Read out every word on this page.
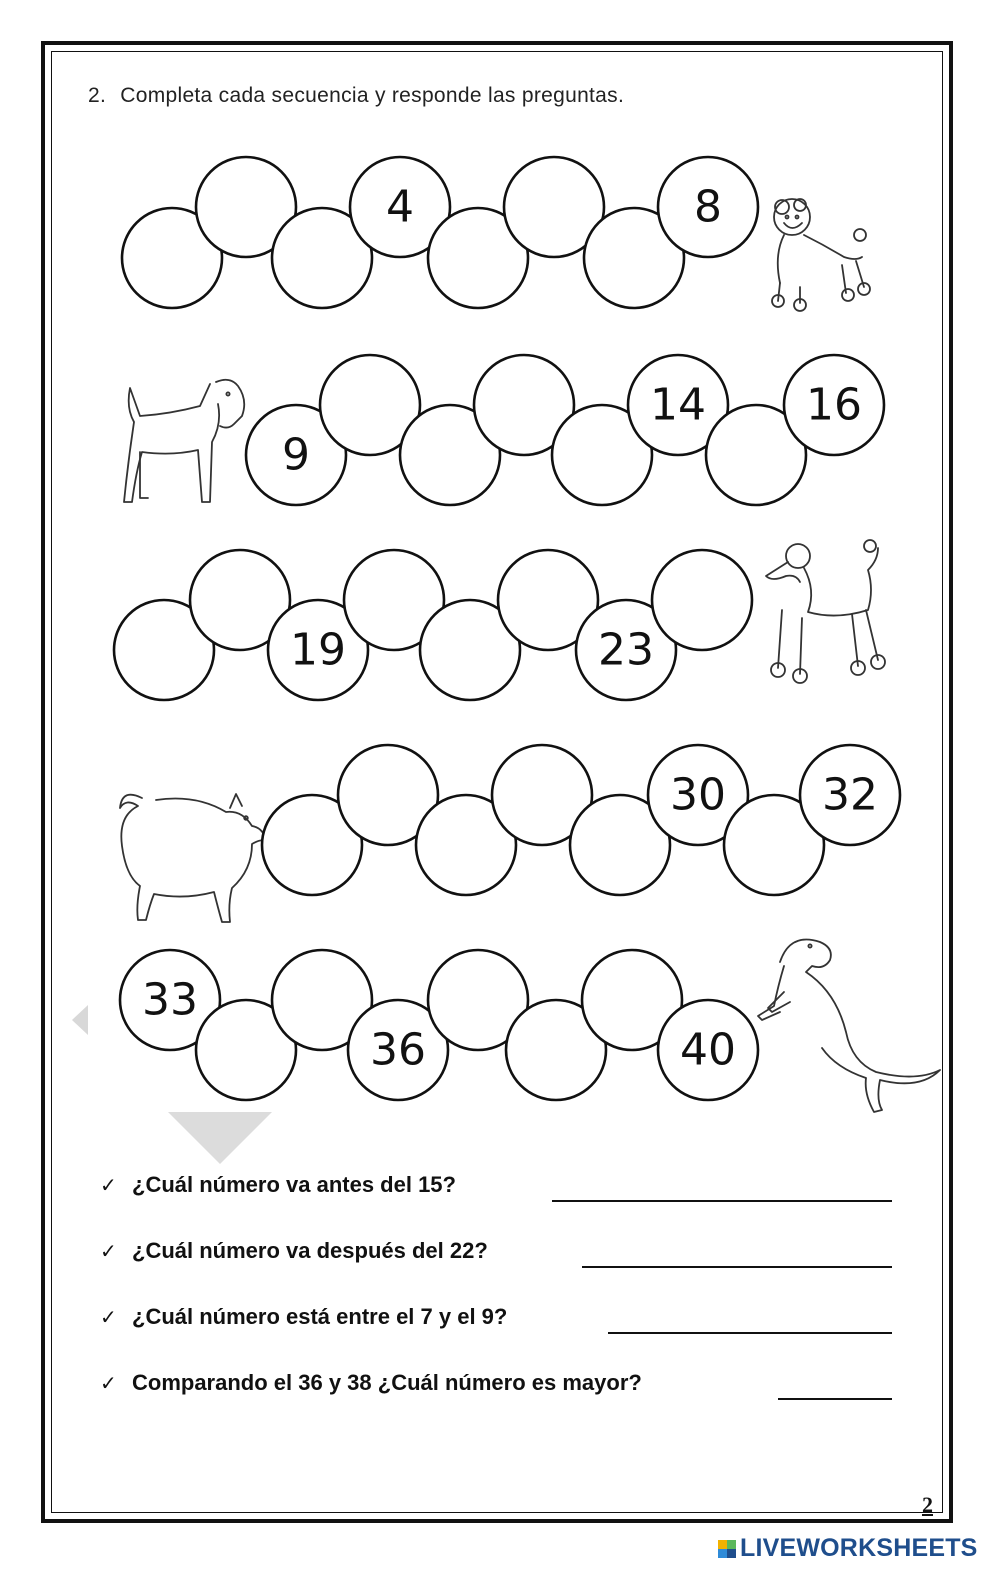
2. Completa cada secuencia y responde las preguntas.
4	8
9
14 16
19	23
30 32
33
36	40
✓ ¿Cuál número va antes del 15?
✓ ¿Cuál número va después del 22?
✓ ¿Cuál número está entre el 7 y el 9?
✓ Comparando el 36 y 38 ¿Cuál número es mayor?
2
LIVEWORKSHEETS
